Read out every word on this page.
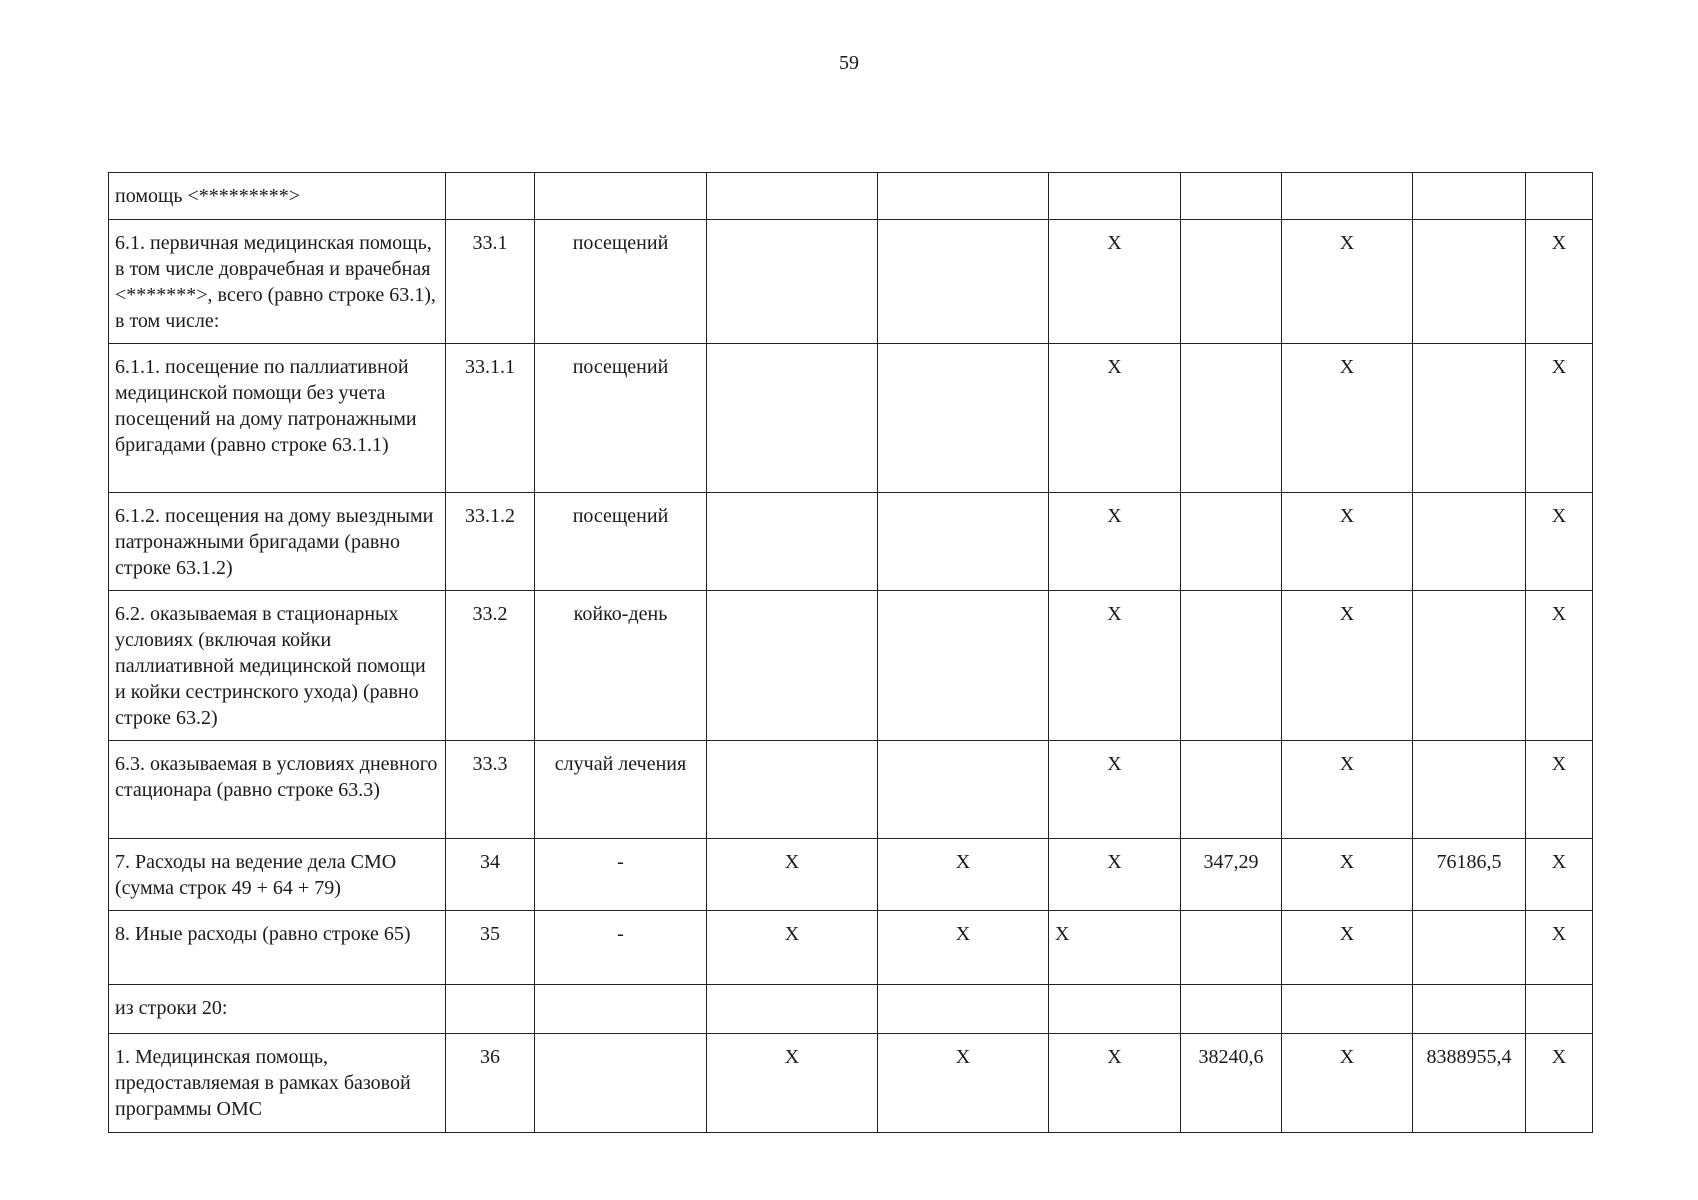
59
помощь <*********>									
6.1. первичная медицинская помощь, в том числе доврачебная и врачебная <*******>, всего (равно строке 63.1), в том числе:	33.1	посещений			X		X		X
6.1.1. посещение по паллиативной медицинской помощи без учета посещений на дому патронажными бригадами (равно строке 63.1.1)	33.1.1	посещений			X		X		X
6.1.2. посещения на дому выездными патронажными бригадами (равно строке 63.1.2)	33.1.2	посещений			X		X		X
6.2. оказываемая в стационарных условиях (включая койки паллиативной медицинской помощи и койки сестринского ухода) (равно строке 63.2)	33.2	койко-день			X		X		X
6.3. оказываемая в условиях дневного стационара (равно строке 63.3)	33.3	случай лечения			X		X		X
7. Расходы на ведение дела СМО (сумма строк 49 + 64 + 79)	34	-	X	X	X	347,29	X	76186,5	X
8. Иные расходы (равно строке 65)	35	-	X	X	X		X		X
из строки 20:									
1. Медицинская помощь, предоставляемая в рамках базовой программы ОМС	36		X	X	X	38240,6	X	8388955,4	X
